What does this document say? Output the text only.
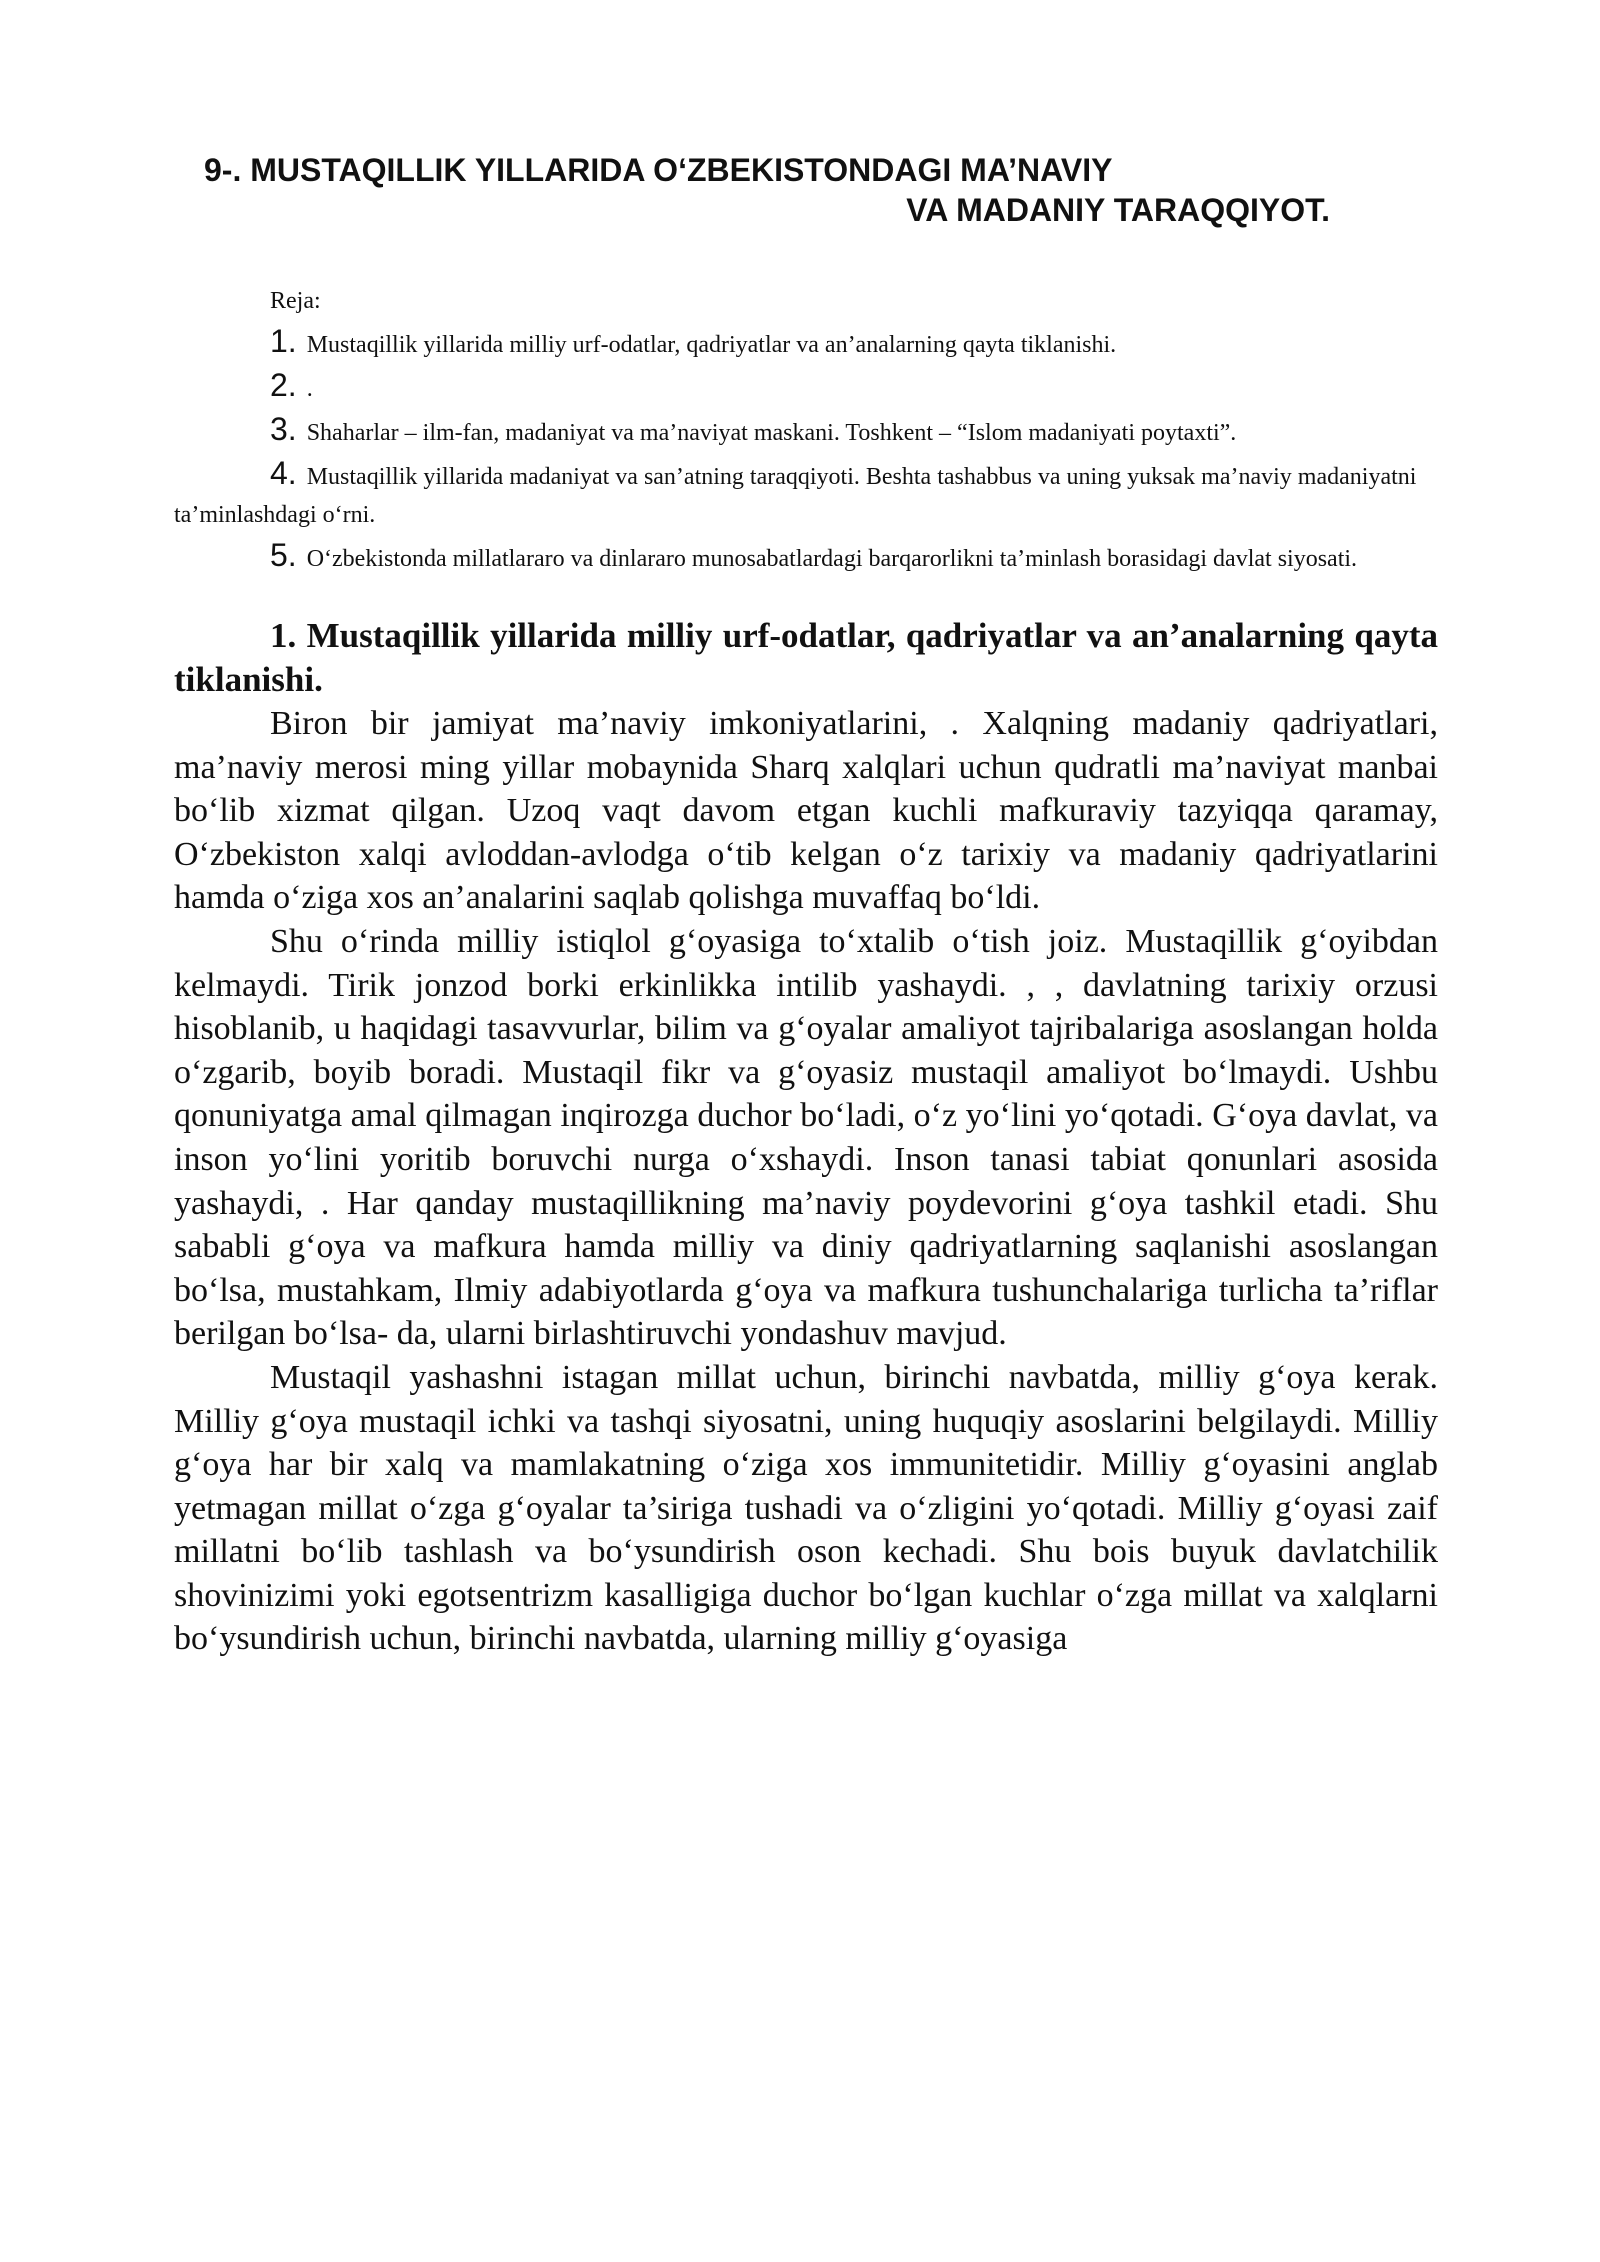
9-. MUSTAQILLIK YILLARIDA O‘ZBEKISTONDAGI MA’NAVIY
VA MADANIY TARAQQIYOT.
Reja:

1. Mustaqillik yillarida milliy urf-odatlar, qadriyatlar va an’analarning qayta tiklanishi.

2. .

3. Shaharlar – ilm-fan, madaniyat va ma’naviyat maskani. Toshkent – “Islom madaniyati poytaxti”.

4. Mustaqillik yillarida madaniyat va san’atning taraqqiyoti. Beshta tashabbus va uning yuksak ma’naviy madaniyatni ta’minlashdagi o‘rni.

5. O‘zbekistonda millatlararo va dinlararo munosabatlardagi barqarorlikni ta’minlash borasidagi davlat siyosati.

1. Mustaqillik yillarida milliy urf-odatlar, qadriyatlar va an’analarning qayta tiklanishi.

Biron bir jamiyat ma’naviy imkoniyatlarini, . Xalqning madaniy qadriyatlari, ma’naviy merosi ming yillar mobaynida Sharq xalqlari uchun qudratli ma’naviyat manbai bo‘lib xizmat qilgan. Uzoq vaqt davom etgan kuchli mafkuraviy tazyiqqa qaramay, O‘zbekiston xalqi avloddan-avlodga o‘tib kelgan o‘z tarixiy va madaniy qadriyatlarini hamda o‘ziga xos an’analarini saqlab qolishga muvaffaq bo‘ldi.

Shu o‘rinda milliy istiqlol g‘oyasiga to‘xtalib o‘tish joiz. Mustaqillik g‘oyibdan kelmaydi. Tirik jonzod borki erkinlikka intilib yashaydi. , , davlatning tarixiy orzusi hisoblanib, u haqidagi tasavvurlar, bilim va g‘oyalar amaliyot tajribalariga asoslangan holda o‘zgarib, boyib boradi. Mustaqil fikr va g‘oyasiz mustaqil amaliyot bo‘lmaydi. Ushbu qonuniyatga amal qilmagan inqirozga duchor bo‘ladi, o‘z yo‘lini yo‘qotadi. G‘oya davlat, va inson yo‘lini yoritib boruvchi nurga o‘xshaydi. Inson tanasi tabiat qonunlari asosida yashaydi, . Har qanday mustaqillikning ma’naviy poydevorini g‘oya tashkil etadi. Shu sababli g‘oya va mafkura hamda milliy va diniy qadriyatlarning saqlanishi asoslangan bo‘lsa, mustahkam, Ilmiy adabiyotlarda g‘oya va mafkura tushunchalariga turlicha ta’riflar berilgan bo‘lsa- da, ularni birlashtiruvchi yondashuv mavjud.

Mustaqil yashashni istagan millat uchun, birinchi navbatda, milliy g‘oya kerak. Milliy g‘oya mustaqil ichki va tashqi siyosatni, uning huquqiy asoslarini belgilaydi. Milliy g‘oya har bir xalq va mamlakatning o‘ziga xos immunitetidir. Milliy g‘oyasini anglab yetmagan millat o‘zga g‘oyalar ta’siriga tushadi va o‘zligini yo‘qotadi. Milliy g‘oyasi zaif millatni bo‘lib tashlash va bo‘ysundirish oson kechadi. Shu bois buyuk davlatchilik shovinizimi yoki egotsentrizm kasalligiga duchor bo‘lgan kuchlar o‘zga millat va xalqlarni bo‘ysundirish uchun, birinchi navbatda, ularning milliy g‘oyasiga
